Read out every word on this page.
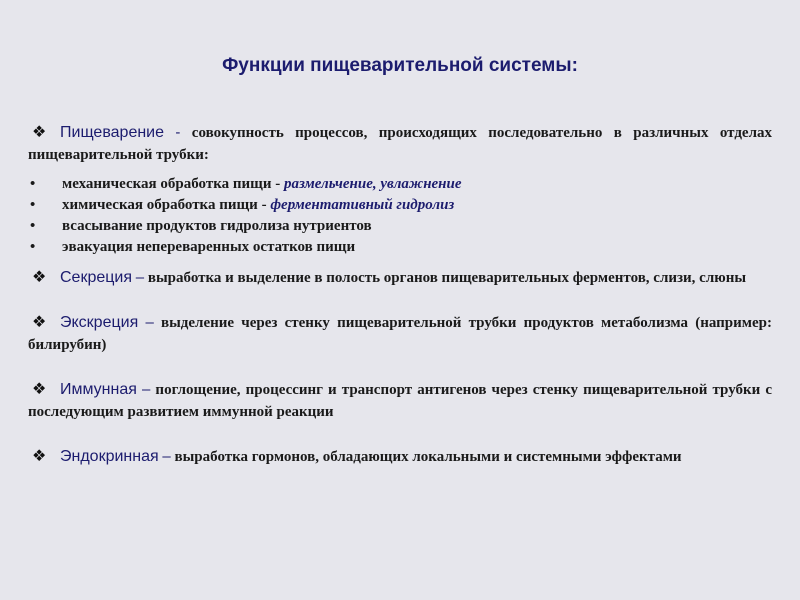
Функции пищеварительной системы:
❖ Пищеварение - совокупность процессов, происходящих последовательно в различных отделах пищеварительной трубки:
• механическая обработка пищи - размельчение, увлажнение
• химическая обработка пищи - ферментативный гидролиз
• всасывание продуктов гидролиза нутриентов
• эвакуация непереваренных остатков пищи
❖ Секреция – выработка и выделение в полость органов пищеварительных ферментов, слизи, слюны
❖ Экскреция – выделение через стенку пищеварительной трубки продуктов метаболизма (например: билирубин)
❖ Иммунная – поглощение, процессинг и транспорт антигенов через стенку пищеварительной трубки с последующим развитием иммунной реакции
❖ Эндокринная – выработка гормонов, обладающих локальными и системными эффектами
